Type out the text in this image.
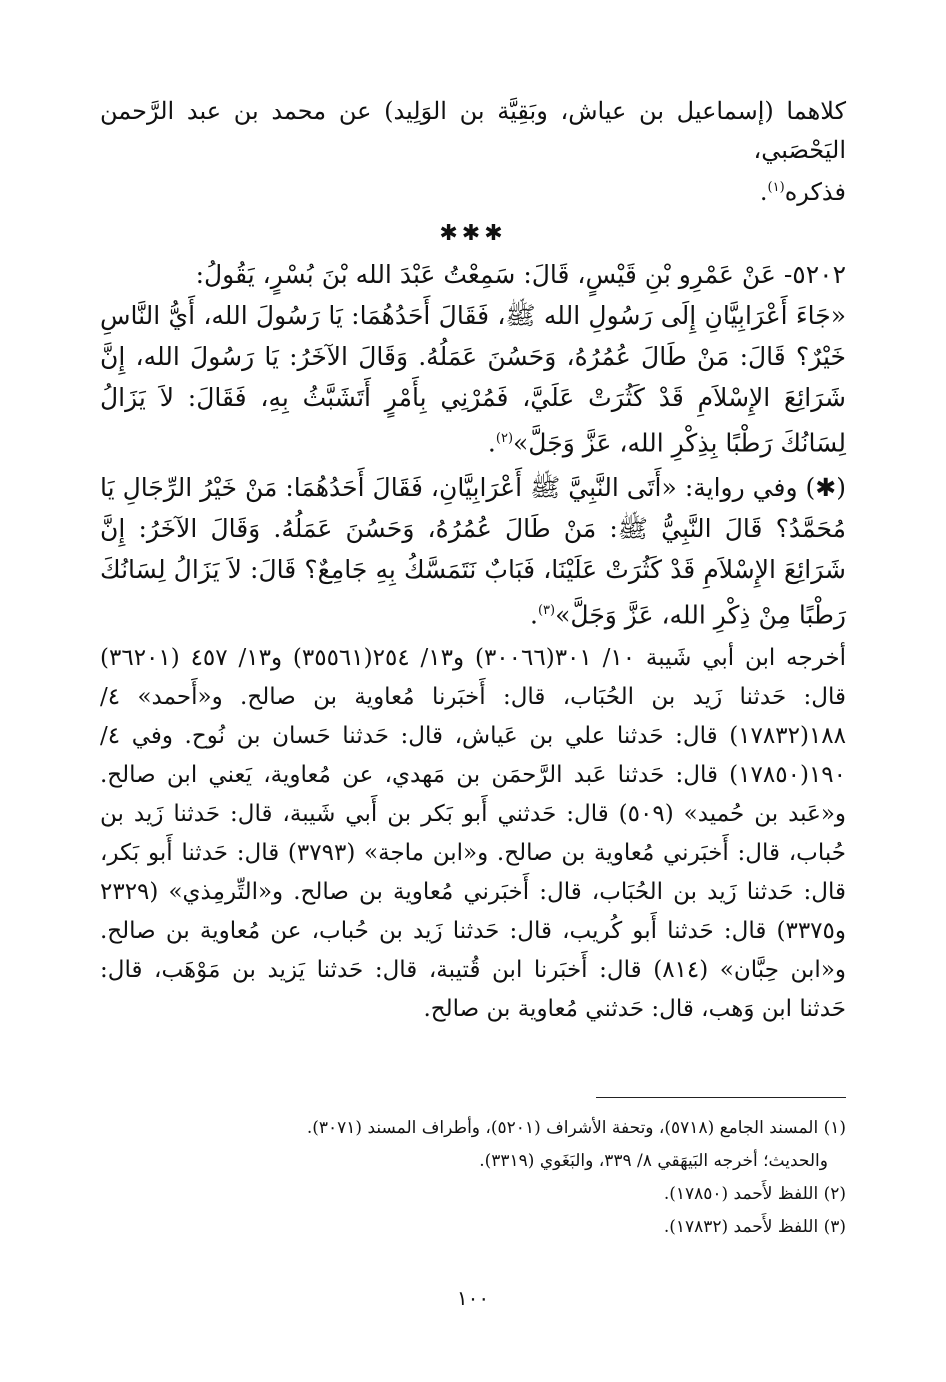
كلاهما (إسماعيل بن عياش، وبَقِيَّة بن الوَلِيد) عن محمد بن عبد الرَّحمن اليَحْصَبي،
فذكره$^{(١)}$.

✱✱✱

٥٢٠٢- عَنْ عَمْرِو بْنِ قَيْسٍ، قَالَ: سَمِعْتُ عَبْدَ الله بْنَ بُسْرٍ، يَقُولُ:

«جَاءَ أَعْرَابِيَّانِ إِلَى رَسُولِ الله ﷺ، فَقَالَ أَحَدُهُمَا: يَا رَسُولَ الله، أَيُّ النَّاسِ خَيْرٌ؟ قَالَ: مَنْ طَالَ عُمُرُهُ، وَحَسُنَ عَمَلُهُ. وَقَالَ الآخَرُ: يَا رَسُولَ الله، إِنَّ شَرَائِعَ الإِسْلاَمِ قَدْ كَثُرَتْ عَلَيَّ، فَمُرْنِي بِأَمْرٍ أَتَشَبَّثُ بِهِ، فَقَالَ: لاَ يَزَالُ لِسَانُكَ رَطْبًا بِذِكْرِ الله، عَزَّ وَجَلَّ»$^{(٢)}$.

(✱) وفي رواية: «أَتَى النَّبِيَّ ﷺ أَعْرَابِيَّانِ، فَقَالَ أَحَدُهُمَا: مَنْ خَيْرُ الرِّجَالِ يَا مُحَمَّدُ؟ قَالَ النَّبِيُّ ﷺ: مَنْ طَالَ عُمُرُهُ، وَحَسُنَ عَمَلُهُ. وَقَالَ الآخَرُ: إِنَّ شَرَائِعَ الإِسْلاَمِ قَدْ كَثُرَتْ عَلَيْنَا، فَبَابٌ نَتَمَسَّكُ بِهِ جَامِعٌ؟ قَالَ: لاَ يَزَالُ لِسَانُكَ رَطْبًا مِنْ ذِكْرِ الله، عَزَّ وَجَلَّ»$^{(٣)}$.

أخرجه ابن أبي شَيبة ١٠/ ٣٠١(٣٠٠٦٦) و١٣/ ٢٥٤(٣٥٥٦١) و١٣/ ٤٥٧ (٣٦٢٠١) قال: حَدثنا زَيد بن الحُبَاب، قال: أَخبَرنا مُعاوية بن صالح. و«أَحمد» ٤/ ١٨٨(١٧٨٣٢) قال: حَدثنا علي بن عَياش، قال: حَدثنا حَسان بن نُوح. وفي ٤/ ١٩٠(١٧٨٥٠) قال: حَدثنا عَبد الرَّحمَن بن مَهدي، عن مُعاوية، يَعني ابن صالح. و«عَبد بن حُميد» (٥٠٩) قال: حَدثني أَبو بَكر بن أَبي شَيبة، قال: حَدثنا زَيد بن حُباب، قال: أَخبَرني مُعاوية بن صالح. و«ابن ماجة» (٣٧٩٣) قال: حَدثنا أَبو بَكر، قال: حَدثنا زَيد بن الحُبَاب، قال: أَخبَرني مُعاوية بن صالح. و«التِّرمِذي» (٢٣٢٩ و٣٣٧٥) قال: حَدثنا أَبو كُريب، قال: حَدثنا زَيد بن حُباب، عن مُعاوية بن صالح. و«ابن حِبَّان» (٨١٤) قال: أَخبَرنا ابن قُتيبة، قال: حَدثنا يَزيد بن مَوْهَب، قال: حَدثنا ابن وَهب، قال: حَدثني مُعاوية بن صالح.

(١) المسند الجامع (٥٧١٨)، وتحفة الأشراف (٥٢٠١)، وأطراف المسند (٣٠٧١).

والحديث؛ أخرجه البَيهَقي ٨/ ٣٣٩، والبَغَوي (٣٣١٩).

(٢) اللفظ لأَحمد (١٧٨٥٠).

(٣) اللفظ لأَحمد (١٧٨٣٢).

١٠٠
